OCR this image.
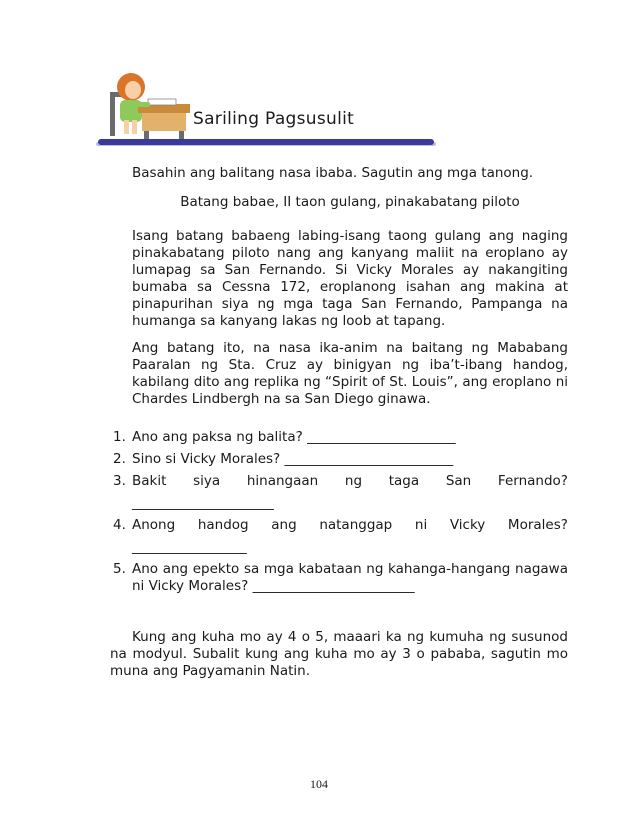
Sariling Pagsusulit
Basahin ang balitang nasa ibaba. Sagutin ang mga tanong.
Batang babae, II taon gulang, pinakabatang piloto
Isang batang babaeng labing-isang taong gulang ang naging pinakabatang piloto nang ang kanyang maliit na eroplano ay lumapag sa San Fernando. Si Vicky Morales ay nakangiting bumaba sa Cessna 172, eroplanong isahan ang makina at pinapurihan siya ng mga taga San Fernando, Pampanga na humanga sa kanyang lakas ng loob at tapang.
Ang batang ito, na nasa ika-anim na baitang ng Mababang Paaralan ng Sta. Cruz ay binigyan ng iba’t-ibang handog, kabilang dito ang replika ng “Spirit of St. Louis”, ang eroplano ni Chardes Lindbergh na sa San Diego ginawa.
1. Ano ang paksa ng balita? ______________________
2. Sino si Vicky Morales? _________________________
3. Bakit siya hinangaan ng taga San Fernando?
_____________________
4. Anong handog ang natanggap ni Vicky Morales?
_________________
5. Ano ang epekto sa mga kabataan ng kahanga-hangang nagawa ni Vicky Morales? ________________________
Kung ang kuha mo ay 4 o 5, maaari ka ng kumuha ng susunod na modyul. Subalit kung ang kuha mo ay 3 o pababa, sagutin mo muna ang Pagyamanin Natin.
104
